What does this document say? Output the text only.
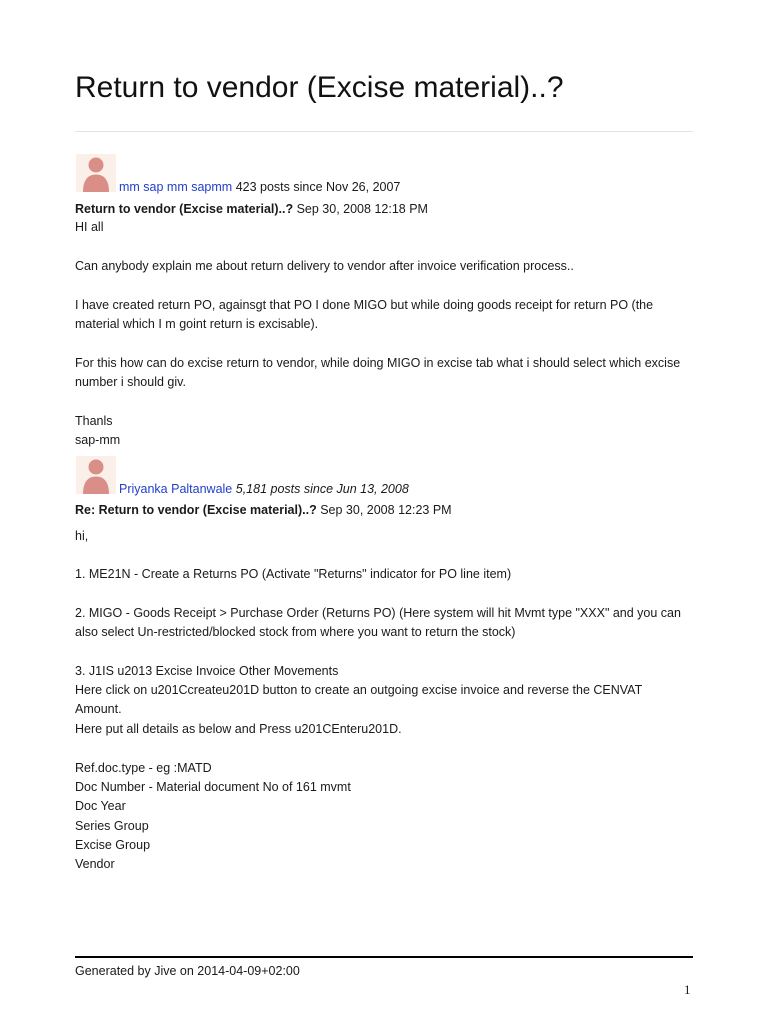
Return to vendor (Excise material)..?
mm sap mm sapmm 423 posts since Nov 26, 2007
Return to vendor (Excise material)..? Sep 30, 2008 12:18 PM
HI all
Can anybody explain me about return delivery to vendor after invoice verification process..
I have created return PO, againsgt that PO I done MIGO but while doing goods receipt for return PO (the
material which I m goint return is excisable).
For this how can do excise return to vendor, while doing MIGO in excise tab what i should select which excise
number i should giv.
Thanls
sap-mm
Priyanka Paltanwale 5,181 posts since Jun 13, 2008
Re: Return to vendor (Excise material)..? Sep 30, 2008 12:23 PM
hi,
1. ME21N - Create a Returns PO (Activate "Returns" indicator for PO line item)
2. MIGO - Goods Receipt > Purchase Order (Returns PO) (Here system will hit Mvmt type "XXX" and you can
also select Un-restricted/blocked stock from where you want to return the stock)
3. J1IS u2013 Excise Invoice Other Movements
Here click on u201Ccreateu201D button to create an outgoing excise invoice and reverse the CENVAT
Amount.
Here put all details as below and Press u201CEnteru201D.
Ref.doc.type - eg :MATD
Doc Number - Material document No of 161 mvmt
Doc Year
Series Group
Excise Group
Vendor
Generated by Jive on 2014-04-09+02:00
1
